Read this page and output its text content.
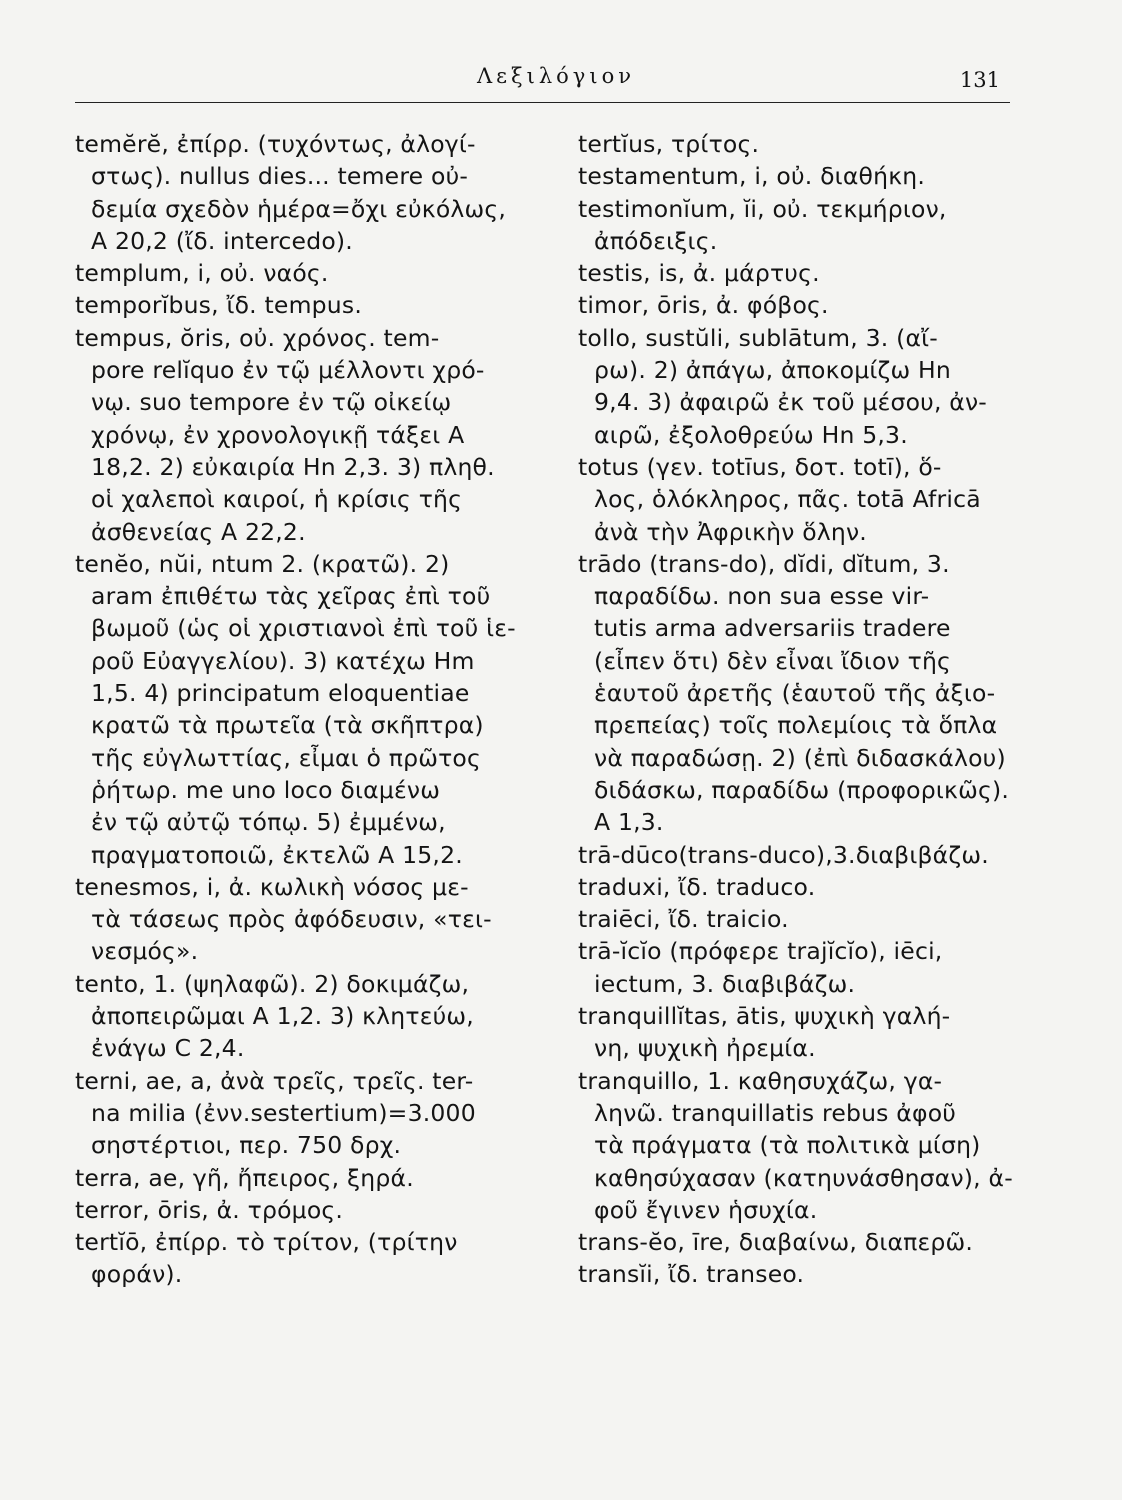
Λεξιλόγιον	131
temĕrĕ, ἐπίρρ. (τυχόντως, ἀλογί-
στως). nullus dies... temere οὐ-
δεμία σχεδὸν ἡμέρα=ὄχι εὐκόλως,
Α 20,2 (ἴδ. intercedo).
templum, i, οὐ. ναός.
temporĭbus, ἴδ. tempus.
tempus, ŏris, οὐ. χρόνος. tem-
pore relĭquo ἐν τῷ μέλλοντι χρό-
νῳ. suo tempore ἐν τῷ οἰκείῳ
χρόνῳ, ἐν χρονολογικῇ τάξει Α
18,2. 2) εὐκαιρία Ηn 2,3. 3) πληθ.
οἱ χαλεποὶ καιροί, ἡ κρίσις τῆς
ἀσθενείας Α 22,2.
tenĕo, nŭi, ntum 2. (κρατῶ). 2)
aram ἐπιθέτω τὰς χεῖρας ἐπὶ τοῦ
βωμοῦ (ὡς οἱ χριστιανοὶ ἐπὶ τοῦ ἱε-
ροῦ Εὐαγγελίου). 3) κατέχω Ηm
1,5. 4) principatum eloquentiae
κρατῶ τὰ πρωτεῖα (τὰ σκῆπτρα)
τῆς εὐγλωττίας, εἶμαι ὁ πρῶτος
ῥήτωρ. me uno loco διαμένω
ἐν τῷ αὐτῷ τόπῳ. 5) ἐμμένω,
πραγματοποιῶ, ἐκτελῶ Α 15,2.
tenesmos, i, ἀ. κωλικὴ νόσος με-
τὰ τάσεως πρὸς ἀφόδευσιν, «τει-
νεσμός».
tento, 1. (ψηλαφῶ). 2) δοκιμάζω,
ἀποπειρῶμαι Α 1,2. 3) κλητεύω,
ἐνάγω C 2,4.
terni, ae, a, ἀνὰ τρεῖς, τρεῖς. ter-
na milia (ἐνν.sestertium)=3.000
σηστέρτιοι, περ. 750 δρχ.
terra, ae, γῆ, ἤπειρος, ξηρά.
terror, ōris, ἀ. τρόμος.
tertĭō, ἐπίρρ. τὸ τρίτον, (τρίτην
φοράν).
tertĭus, τρίτος.
testamentum, i, οὐ. διαθήκη.
testimonĭum, ĭi, οὐ. τεκμήριον,
ἀπόδειξις.
testis, is, ἀ. μάρτυς.
timor, ōris, ἀ. φόβος.
tollo, sustŭli, sublātum, 3. (αἴ-
ρω). 2) ἀπάγω, ἀποκομίζω Ηn
9,4. 3) ἀφαιρῶ ἐκ τοῦ μέσου, ἀν-
αιρῶ, ἐξολοθρεύω Ηn 5,3.
totus (γεν. totīus, δοτ. totī), ὅ-
λος, ὁλόκληρος, πᾶς. totā Africā
ἀνὰ τὴν Ἀφρικὴν ὅλην.
trādo (trans-do), dĭdi, dĭtum, 3.
παραδίδω. non sua esse vir-
tutis arma adversariis tradere
(εἶπεν ὅτι) δὲν εἶναι ἴδιον τῆς
ἑαυτοῦ ἀρετῆς (ἑαυτοῦ τῆς ἀξιο-
πρεπείας) τοῖς πολεμίοις τὰ ὅπλα
νὰ παραδώσῃ. 2) (ἐπὶ διδασκάλου)
διδάσκω, παραδίδω (προφορικῶς).
Α 1,3.
trā-dūco(trans-duco),3.διαβιβάζω.
traduxi, ἴδ. traduco.
traiēci, ἴδ. traicio.
trā-ĭcĭo (πρόφερε trajĭcĭo), iēci,
iectum, 3. διαβιβάζω.
tranquillĭtas, ātis, ψυχικὴ γαλή-
νη, ψυχικὴ ἠρεμία.
tranquillo, 1. καθησυχάζω, γα-
ληνῶ. tranquillatis rebus ἀφοῦ
τὰ πράγματα (τὰ πολιτικὰ μίση)
καθησύχασαν (κατηυνάσθησαν), ἀ-
φοῦ ἔγινεν ἡσυχία.
trans-ĕo, īre, διαβαίνω, διαπερῶ.
transĭi, ἴδ. transeo.
